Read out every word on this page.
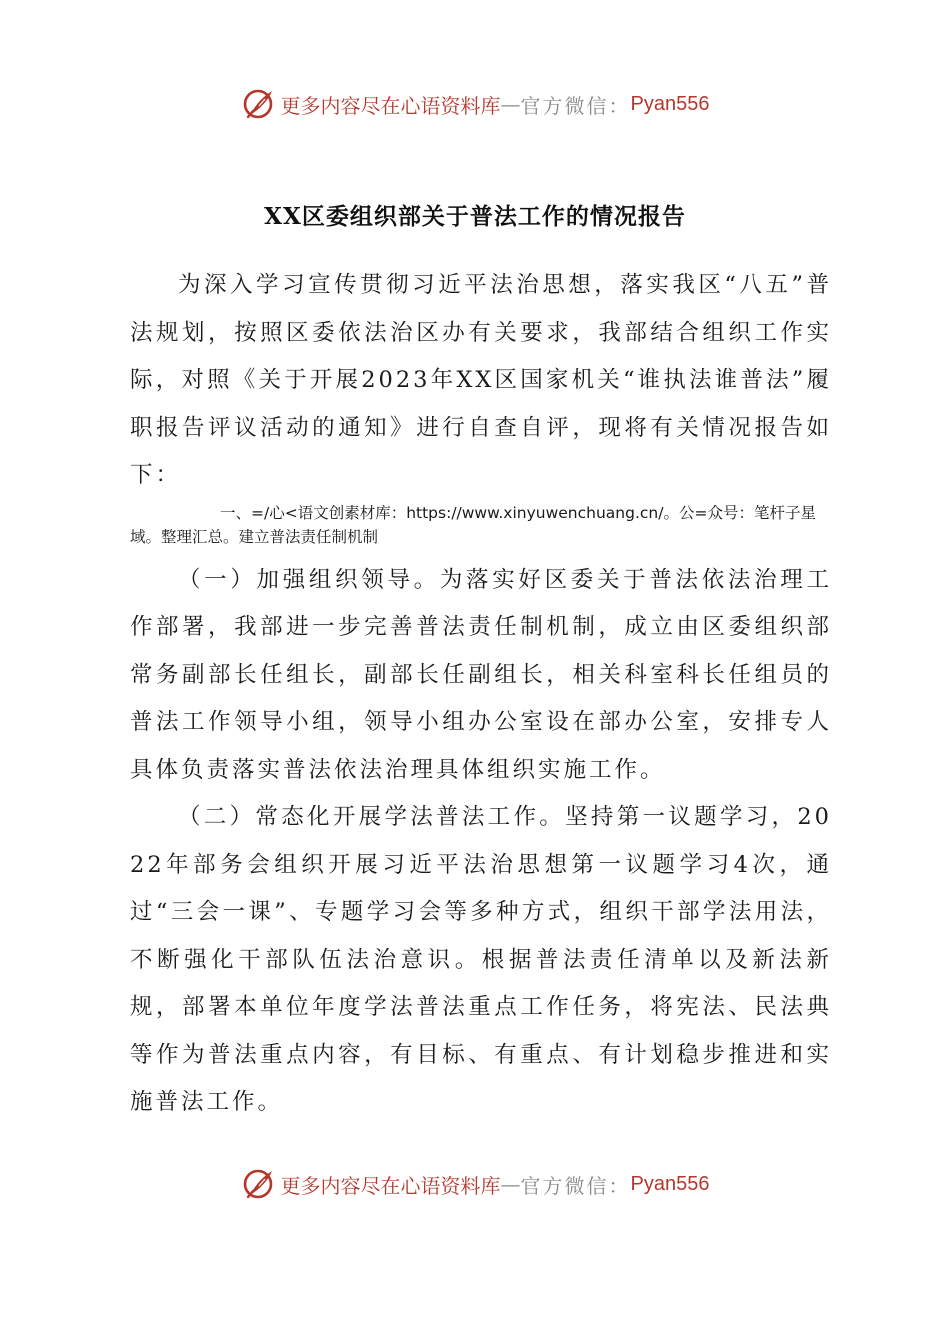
更多内容尽在心语资料库 — 官方微信： Pyan556
XX区委组织部关于普法工作的情况报告

为深入学习宣传贯彻习近平法治思想，落实我区“八五”普法规划，按照区委依法治区办有关要求，我部结合组织工作实际，对照《关于开展2023年XX区国家机关“谁执法谁普法”履职报告评议活动的通知》进行自查自评，现将有关情况报告如下：

一、=/心<语文创素材库：https://www.xinyuwenchuang.cn/。公=众号：笔杆子星域。整理汇总。建立普法责任制机制

（一）加强组织领导。为落实好区委关于普法依法治理工作部署，我部进一步完善普法责任制机制，成立由区委组织部常务副部长任组长，副部长任副组长，相关科室科长任组员的普法工作领导小组，领导小组办公室设在部办公室，安排专人具体负责落实普法依法治理具体组织实施工作。

（二）常态化开展学法普法工作。坚持第一议题学习，2022年部务会组织开展习近平法治思想第一议题学习4次，通过“三会一课”、专题学习会等多种方式，组织干部学法用法，不断强化干部队伍法治意识。根据普法责任清单以及新法新规，部署本单位年度学法普法重点工作任务，将宪法、民法典等作为普法重点内容，有目标、有重点、有计划稳步推进和实施普法工作。

更多内容尽在心语资料库 — 官方微信： Pyan556
